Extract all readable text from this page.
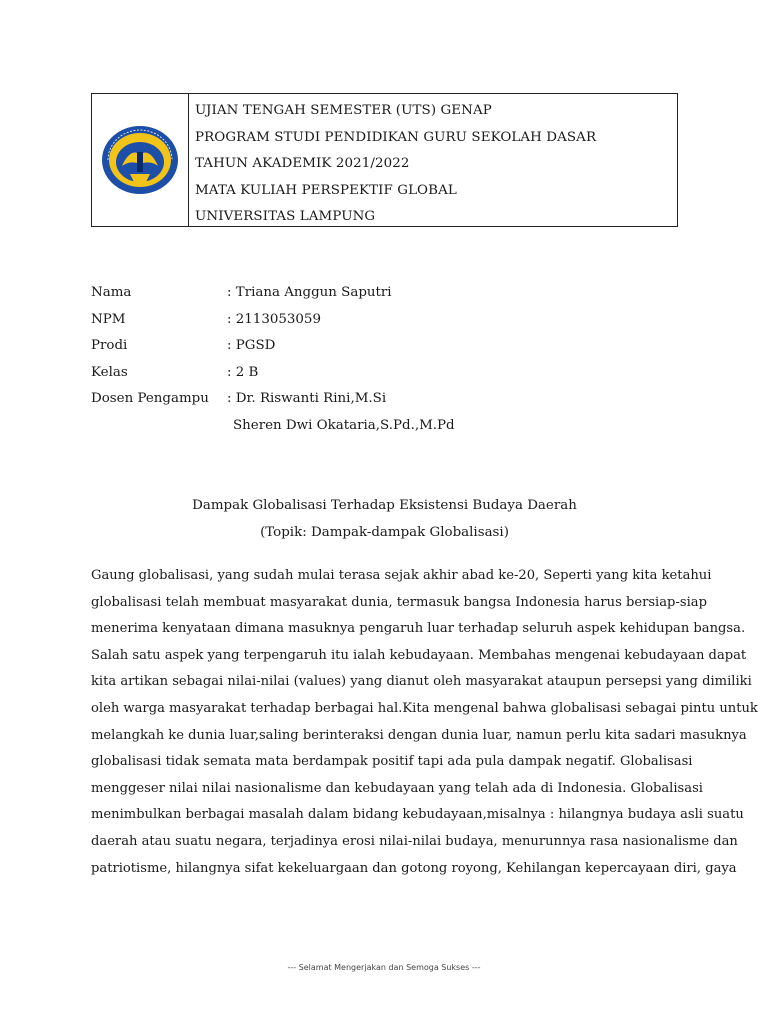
UJIAN TENGAH SEMESTER (UTS) GENAP
PROGRAM STUDI PENDIDIKAN GURU SEKOLAH DASAR
TAHUN AKADEMIK 2021/2022
MATA KULIAH PERSPEKTIF GLOBAL
UNIVERSITAS LAMPUNG
Nama	: Triana Anggun Saputri
NPM	: 2113053059
Prodi	: PGSD
Kelas	: 2 B
Dosen Pengampu	: Dr. Riswanti Rini,M.Si
Sheren Dwi Okataria,S.Pd.,M.Pd
Dampak Globalisasi Terhadap Eksistensi Budaya Daerah
(Topik: Dampak-dampak Globalisasi)
Gaung globalisasi, yang sudah mulai terasa sejak akhir abad ke-20, Seperti yang kita ketahui
globalisasi telah membuat masyarakat dunia, termasuk bangsa Indonesia harus bersiap-siap
menerima kenyataan dimana masuknya pengaruh luar terhadap seluruh aspek kehidupan bangsa.
Salah satu aspek yang terpengaruh itu ialah kebudayaan. Membahas mengenai kebudayaan dapat
kita artikan sebagai nilai-nilai (values) yang dianut oleh masyarakat ataupun persepsi yang dimiliki
oleh warga masyarakat terhadap berbagai hal.Kita mengenal bahwa globalisasi sebagai pintu untuk
melangkah ke dunia luar,saling berinteraksi dengan dunia luar, namun perlu kita sadari masuknya
globalisasi tidak semata mata berdampak positif tapi ada pula dampak negatif. Globalisasi
menggeser nilai nilai nasionalisme dan kebudayaan yang telah ada di Indonesia. Globalisasi
menimbulkan berbagai masalah dalam bidang kebudayaan,misalnya : hilangnya budaya asli suatu
daerah atau suatu negara, terjadinya erosi nilai-nilai budaya, menurunnya rasa nasionalisme dan
patriotisme, hilangnya sifat kekeluargaan dan gotong royong, Kehilangan kepercayaan diri, gaya
--- Selamat Mengerjakan dan Semoga Sukses ---
